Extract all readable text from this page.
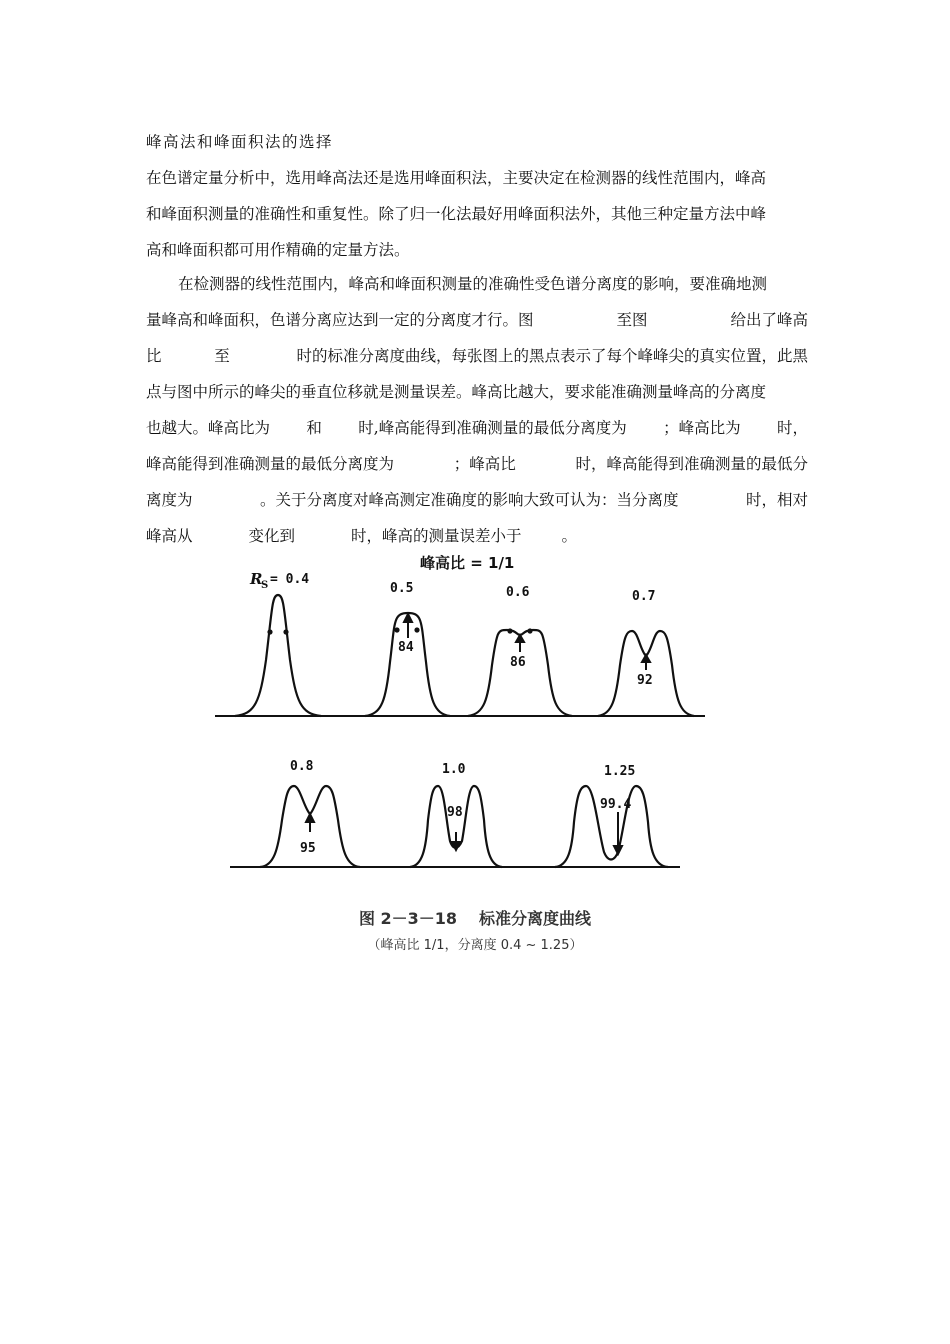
峰高法和峰面积法的选择
在色谱定量分析中，选用峰高法还是选用峰面积法，主要决定在检测器的线性范围内，峰高
和峰面积测量的准确性和重复性。除了归一化法最好用峰面积法外，其他三种定量方法中峰
高和峰面积都可用作精确的定量方法。
在检测器的线性范围内，峰高和峰面积测量的准确性受色谱分离度的影响，要准确地测
量峰高和峰面积，色谱分离应达到一定的分离度才行。图	至图	给出了峰高
比	至	时的标准分离度曲线，每张图上的黑点表示了每个峰峰尖的真实位置，此黑
点与图中所示的峰尖的垂直位移就是测量误差。峰高比越大，要求能准确测量峰高的分离度
也越大。峰高比为 和 时,峰高能得到准确测量的最低分离度为 ；峰高比为 时，
峰高能得到准确测量的最低分离度为	；峰高比	时，峰高能得到准确测量的最低分
离度为	。关于分离度对峰高测定准确度的影响大致可认为：当分离度	时，相对
峰高从	变化到	时，峰高的测量误差小于	。
峰高比 = 1/1
R
S = 0.4
0.5	0.6	0.7
0.8	1.0	1.25
84
86
92
95
98
99.4
图 2－3－18 标准分离度曲线
（峰高比 1/1，分离度 0.4 ~ 1.25）
